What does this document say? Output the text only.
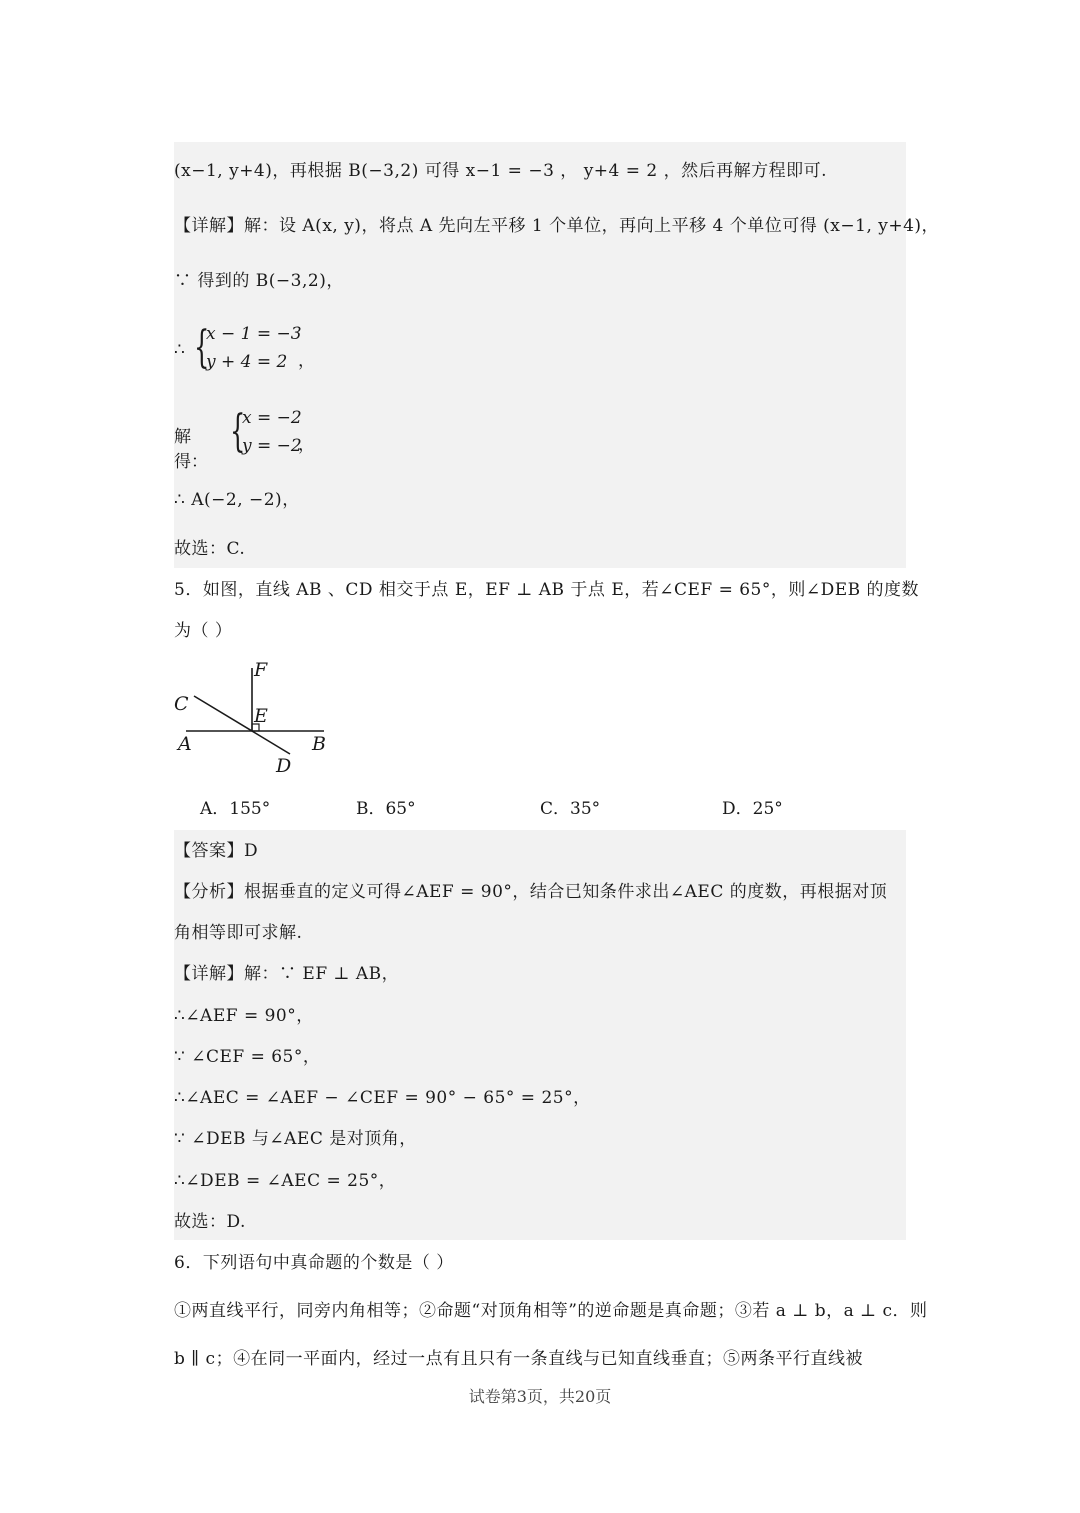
(x−1, y+4)，再根据 B(−3,2) 可得 x−1 = −3 ， y+4 = 2 ，然后再解方程即可.
【详解】解：设 A(x, y)，将点 A 先向左平移 1 个单位，再向上平移 4 个单位可得 (x−1, y+4)，
∵ 得到的 B(−3,2)，
∴ {
x − 1 = −3
y + 4 = 2 ，
解得：
{
x = −2
y = −2
，
∴ A(−2, −2)，
故选：C.
5．如图，直线 AB 、CD 相交于点 E，EF ⊥ AB 于点 E，若∠CEF = 65°，则∠DEB 的度数
为（ ）
F
C
E
A	B
D
A．155°	B．65°	C．35°	D．25°
【答案】D
【分析】根据垂直的定义可得∠AEF = 90°，结合已知条件求出∠AEC 的度数，再根据对顶
角相等即可求解.
【详解】解：∵ EF ⊥ AB，
∴∠AEF = 90°，
∵ ∠CEF = 65°，
∴∠AEC = ∠AEF − ∠CEF = 90° − 65° = 25°，
∵ ∠DEB 与∠AEC 是对顶角，
∴∠DEB = ∠AEC = 25°，
故选：D.
6．下列语句中真命题的个数是（ ）
①两直线平行，同旁内角相等；②命题“对顶角相等”的逆命题是真命题；③若 a ⊥ b，a ⊥ c．则
b ∥ c；④在同一平面内，经过一点有且只有一条直线与已知直线垂直；⑤两条平行直线被
试卷第3页，共20页
